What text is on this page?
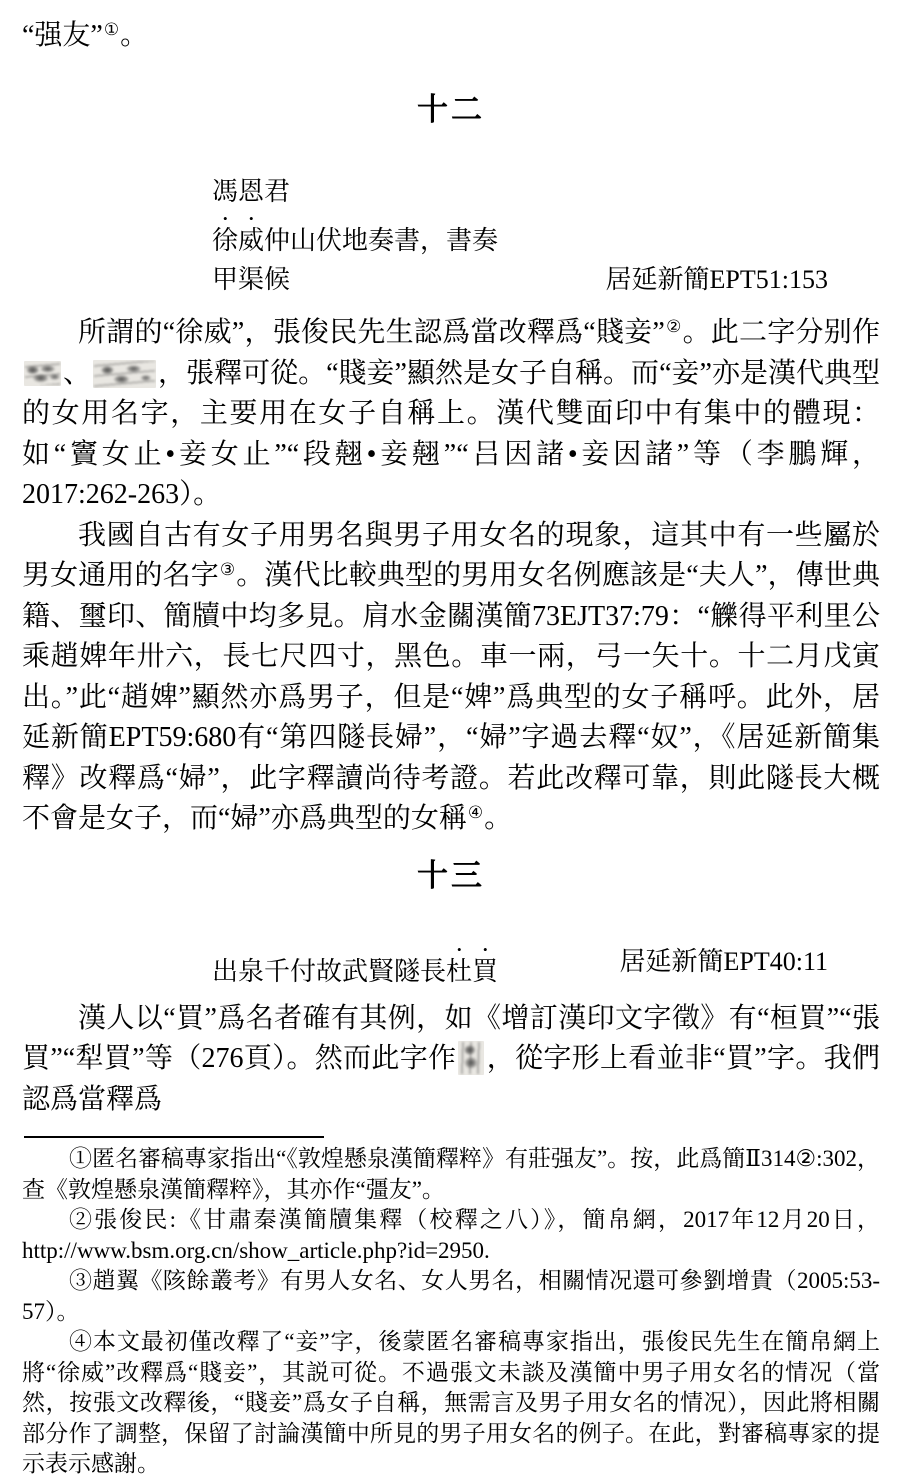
“强友”①。

十二
馮恩君
徐威仲山伏地奏書，書奏
甲渠候	居延新簡EPT51:153

所謂的“徐威”，張俊民先生認爲當改釋爲“賤妾”②。此二字分别作、 ，張釋可從。“賤妾”顯然是女子自稱。而“妾”亦是漢代典型的女用名字，主要用在女子自稱上。漢代雙面印中有集中的體現：如“竇女止•妾女止”“段翹•妾翹”“吕因諸•妾因諸”等（李鵬輝，2017:262-263）。

我國自古有女子用男名與男子用女名的現象，這其中有一些屬於男女通用的名字③。漢代比較典型的男用女名例應該是“夫人”，傳世典籍、璽印、簡牘中均多見。肩水金關漢簡73EJT37:79：“觻得平利里公乘趙婢年卅六，長七尺四寸，黑色。車一兩，弓一矢十。十二月戊寅出。”此“趙婢”顯然亦爲男子，但是“婢”爲典型的女子稱呼。此外，居延新簡EPT59:680有“第四隧長婦”，“婦”字過去釋“奴”，《居延新簡集釋》改釋爲“婦”，此字釋讀尚待考證。若此改釋可靠，則此隧長大概不會是女子，而“婦”亦爲典型的女稱④。

十三
出泉千付故武賢隧長杜買	居延新簡EPT40:11

漢人以“買”爲名者確有其例，如《增訂漢印文字徵》有“桓買”“張買”“犁買”等（276頁）。然而此字作 ，從字形上看並非“買”字。我們認爲當釋爲

①匿名審稿專家指出“《敦煌懸泉漢簡釋粹》有莊强友”。按，此爲簡Ⅱ314②:302，查《敦煌懸泉漢簡釋粹》，其亦作“彊友”。

②張俊民:《甘肅秦漢簡牘集釋（校釋之八）》，簡帛網，2017年12月20日，http://www.bsm.org.cn/show_article.php?id=2950.

③趙翼《陔餘叢考》有男人女名、女人男名，相關情况還可參劉增貴（2005:53-57）。

④本文最初僅改釋了“妾”字，後蒙匿名審稿專家指出，張俊民先生在簡帛網上將“徐威”改釋爲“賤妾”，其説可從。不過張文未談及漢簡中男子用女名的情况（當然，按張文改釋後，“賤妾”爲女子自稱，無需言及男子用女名的情况），因此將相關部分作了調整，保留了討論漢簡中所見的男子用女名的例子。在此，對審稿專家的提示表示感謝。
